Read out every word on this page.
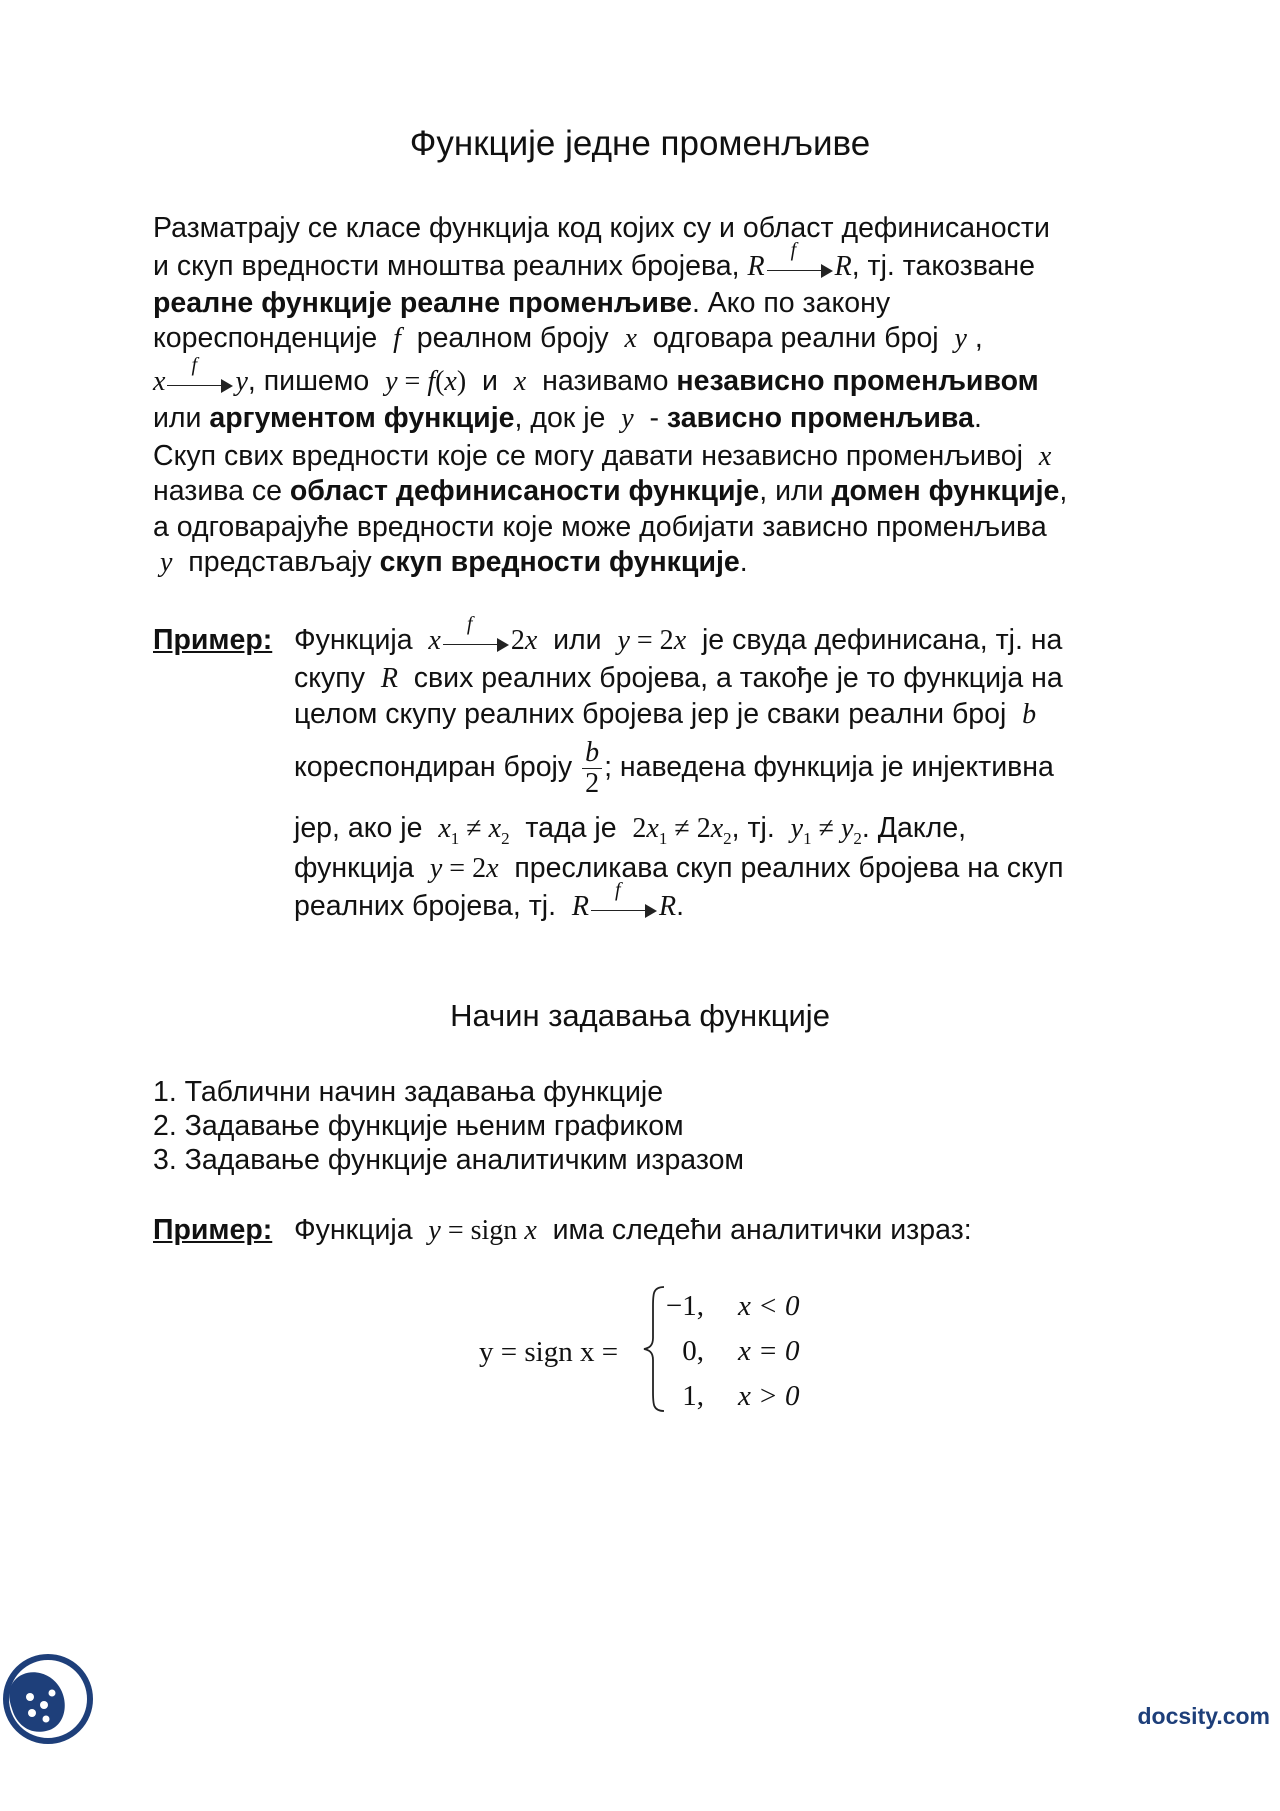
Функције једне променљиве
Разматрају се класе функција код којих су и област дефинисаности
и скуп вредности мноштва реалних бројева, R
f
R, тј. такозване
реалне функције реалне променљиве. Ако по закону
кореспонденције f реалном броју x одговара реални број y ,
x
f
y, пишемо y = f(x) и x називамо независно променљивом
или аргументом функције, док је y - зависно променљива.
Скуп свих вредности које се могу давати независно променљивој x
назива се област дефинисаности функције, или домен функције,
а одговарајуће вредности које може добијати зависно променљива
y представљају скуп вредности функције.
Пример: Функција x
f
2x или y = 2x је свуда дефинисана, тј. на
скупу R свих реалних бројева, а такође је то функција на
целом скупу реалних бројева јер је сваки реални број b
кореспондиран броју $\frac{b}{2}$ ; наведена функција је инјективна
јер, ако је $x_1 \ne x_2$ тада је $2x_1 \ne 2x_2$, тј. $y_1 \ne y_2$. Дакле,
функција y = 2x пресликава скуп реалних бројева на скуп
реалних бројева, тј. R
f
R.
Начин задавања функције
1. Таблични начин задавања функције
2. Задавање функције њеним графиком
3. Задавање функције аналитичким изразом
Пример: Функција y = sign x има следећи аналитички израз:
y = sign x =
−1,
0,
1,
x < 0
x = 0
x > 0
docsity.com
